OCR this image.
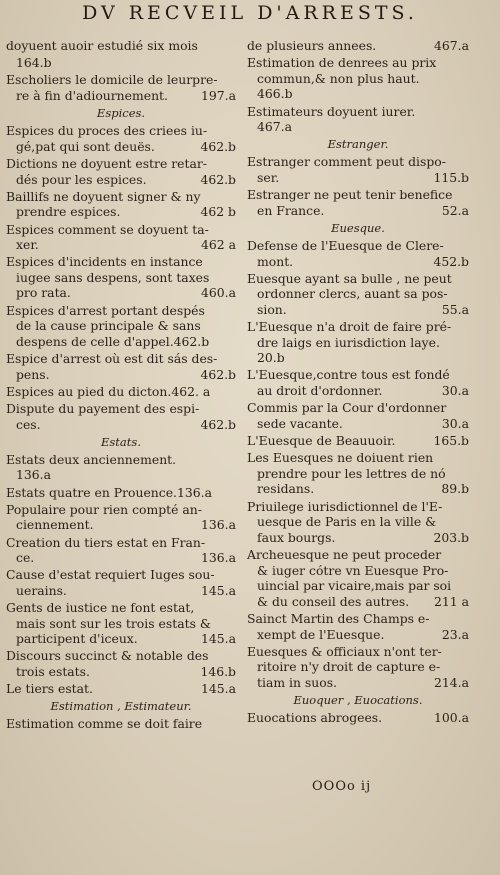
DV RECVEIL D'ARRESTS.
doyuent auoir estudié six mois
164.b
Escholiers le domicile de leurpre-
re à fin d'adiournement.	197.a
Espices.
Espices du proces des criees iu-
gé,pat qui sont deuës.	462.b
Dictions ne doyuent estre retar-
dés pour les espices.	462.b
Baillifs ne doyuent signer & ny
prendre espices.	462 b
Espices comment se doyuent ta-
xer.	462 a
Espices d'incidents en instance
iugee sans despens, sont taxes
pro rata.	460.a
Espices d'arrest portant despés
de la cause principale & sans
despens de celle d'appel.462.b
Espice d'arrest où est dit sás des-
pens.	462.b
Espices au pied du dicton.462. a
Dispute du payement des espi-
ces.	462.b
Estats.
Estats deux anciennement.
136.a
Estats quatre en Prouence.136.a
Populaire pour rien compté an-
ciennement.	136.a
Creation du tiers estat en Fran-
ce.	136.a
Cause d'estat requiert Iuges sou-
uerains.	145.a
Gents de iustice ne font estat,
mais sont sur les trois estats &
participent d'iceux.	145.a
Discours succinct & notable des
trois estats.	146.b
Le tiers estat.	145.a
Estimation , Estimateur.
Estimation comme se doit faire
de plusieurs annees.	467.a
Estimation de denrees au prix
commun,& non plus haut.
466.b
Estimateurs doyuent iurer.
467.a
Estranger.
Estranger comment peut dispo-
ser.	115.b
Estranger ne peut tenir benefice
en France.	52.a
Euesque.
Defense de l'Euesque de Clere-
mont.	452.b
Euesque ayant sa bulle , ne peut
ordonner clercs, auant sa pos-
sion.	55.a
L'Euesque n'a droit de faire pré-
dre laigs en iurisdiction laye.
20.b
L'Euesque,contre tous est fondé
au droit d'ordonner.	30.a
Commis par la Cour d'ordonner
sede vacante.	30.a
L'Euesque de Beauuoir.	165.b
Les Euesques ne doiuent rien
prendre pour les lettres de nó
residans.	89.b
Priuilege iurisdictionnel de l'E-
uesque de Paris en la ville &
faux bourgs.	203.b
Archeuesque ne peut proceder
& iuger cótre vn Euesque Pro-
uincial par vicaire,mais par soi
& du conseil des autres. 211 a
Sainct Martin des Champs e-
xempt de l'Euesque.	23.a
Euesques & officiaux n'ont ter-
ritoire n'y droit de capture e-
tiam in suos.	214.a
Euoquer , Euocations.
Euocations abrogees.	100.a
OOOo ij
